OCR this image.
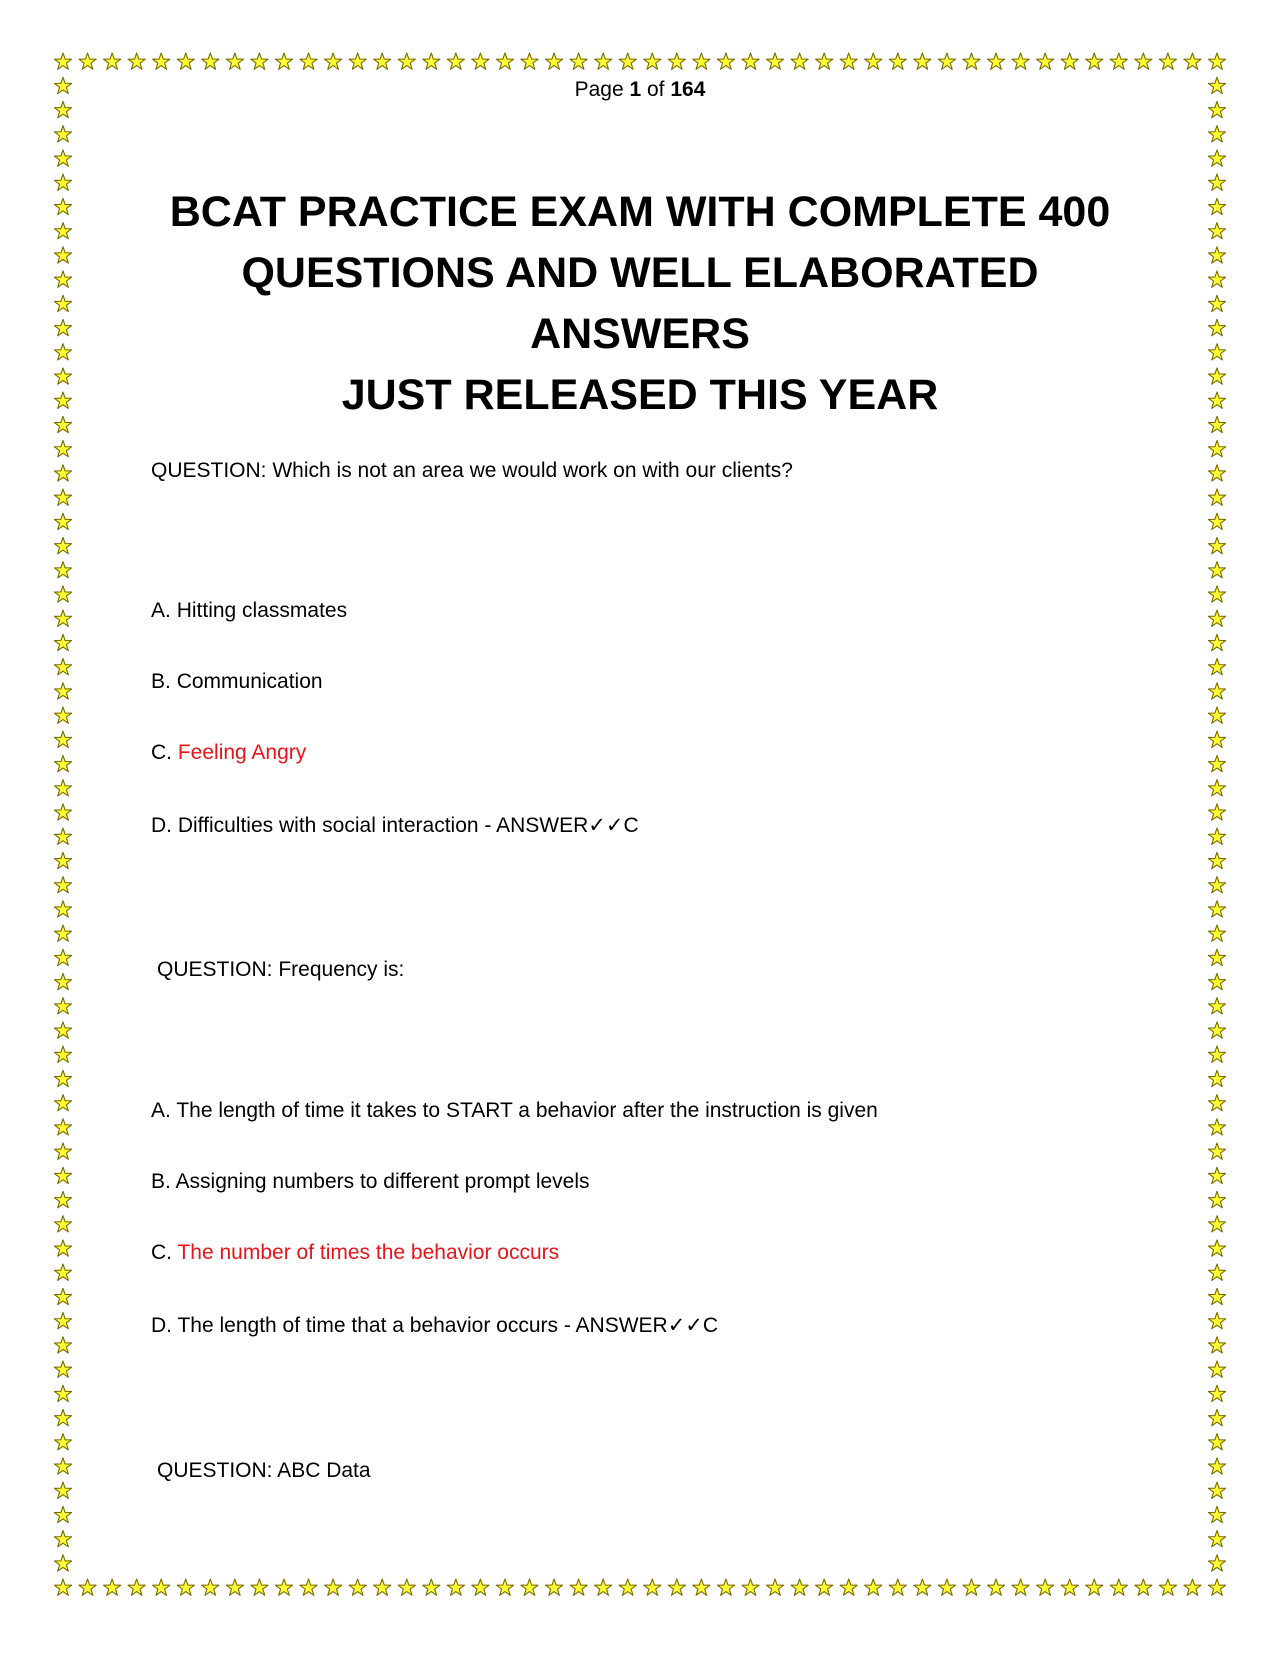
Page 1 of 164
BCAT PRACTICE EXAM WITH COMPLETE 400
QUESTIONS AND WELL ELABORATED ANSWERS
JUST RELEASED THIS YEAR
QUESTION: Which is not an area we would work on with our clients?
A. Hitting classmates
B. Communication
C. Feeling Angry
D. Difficulties with social interaction - ANSWER✓✓C
QUESTION: Frequency is:
A. The length of time it takes to START a behavior after the instruction is given
B. Assigning numbers to different prompt levels
C. The number of times the behavior occurs
D. The length of time that a behavior occurs - ANSWER✓✓C
QUESTION: ABC Data
